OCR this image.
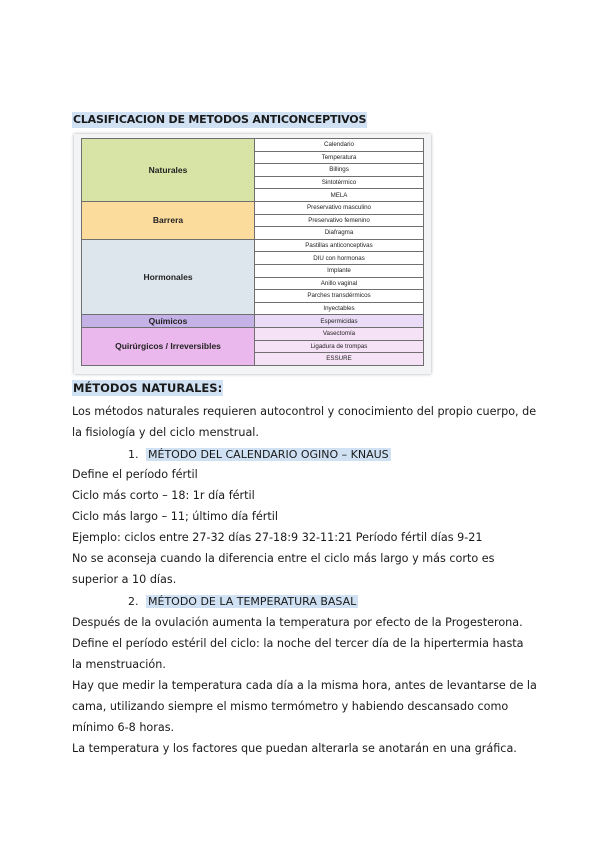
CLASIFICACION DE METODOS ANTICONCEPTIVOS
Naturales	Calendario
	Temperatura
	Billings
	Sintotérmico
	MELA
Barrera	Preservativo masculino
	Preservativo femenino
	Diafragma
Hormonales	Pastillas anticonceptivas
	DIU con hormonas
	Implante
	Anillo vaginal
	Parches transdérmicos
	Inyectables
Químicos	Espermicidas
Quirúrgicos / Irreversibles	Vasectomía
	Ligadura de trompas
	ESSURE
MÉTODOS NATURALES:
Los métodos naturales requieren autocontrol y conocimiento del propio cuerpo, de
la fisiología y del ciclo menstrual.
1. MÉTODO DEL CALENDARIO OGINO – KNAUS
Define el período fértil
Ciclo más corto – 18: 1r día fértil
Ciclo más largo – 11; último día fértil
Ejemplo: ciclos entre 27-32 días 27-18:9 32-11:21 Período fértil días 9-21
No se aconseja cuando la diferencia entre el ciclo más largo y más corto es
superior a 10 días.
2. MÉTODO DE LA TEMPERATURA BASAL
Después de la ovulación aumenta la temperatura por efecto de la Progesterona.
Define el período estéril del ciclo: la noche del tercer día de la hipertermia hasta
la menstruación.
Hay que medir la temperatura cada día a la misma hora, antes de levantarse de la
cama, utilizando siempre el mismo termómetro y habiendo descansado como
mínimo 6-8 horas.
La temperatura y los factores que puedan alterarla se anotarán en una gráfica.
